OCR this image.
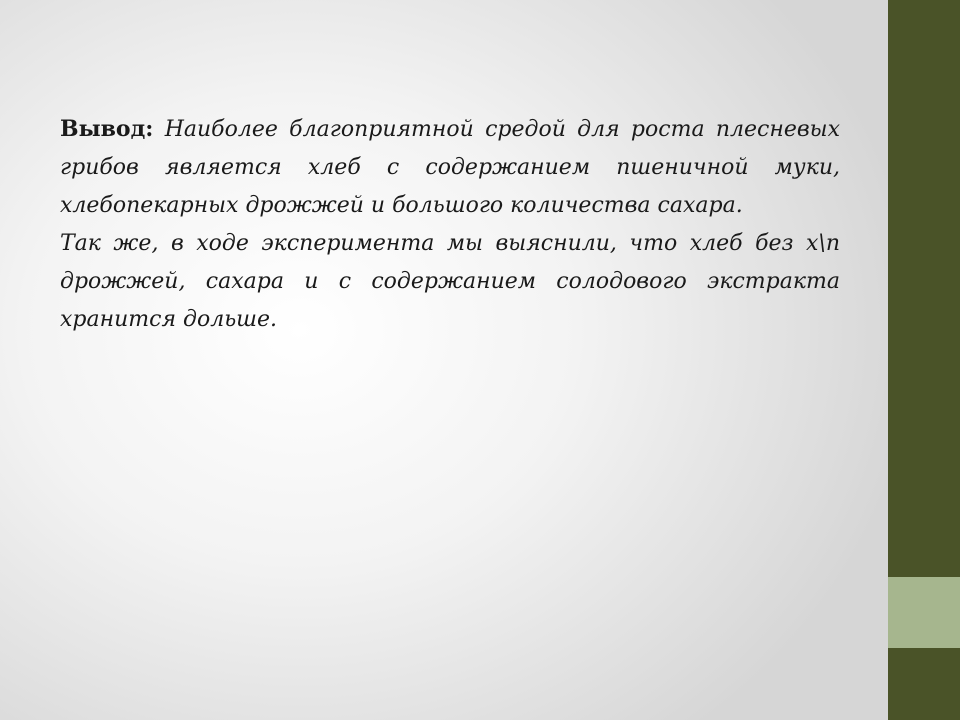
Вывод: Наиболее благоприятной средой для роста плесневых грибов является хлеб с содержанием пшеничной муки, хлебопекарных дрожжей и большого количества сахара.

Так же, в ходе эксперимента мы выяснили, что хлеб без х\п дрожжей, сахара и с содержанием солодового экстракта хранится дольше.
